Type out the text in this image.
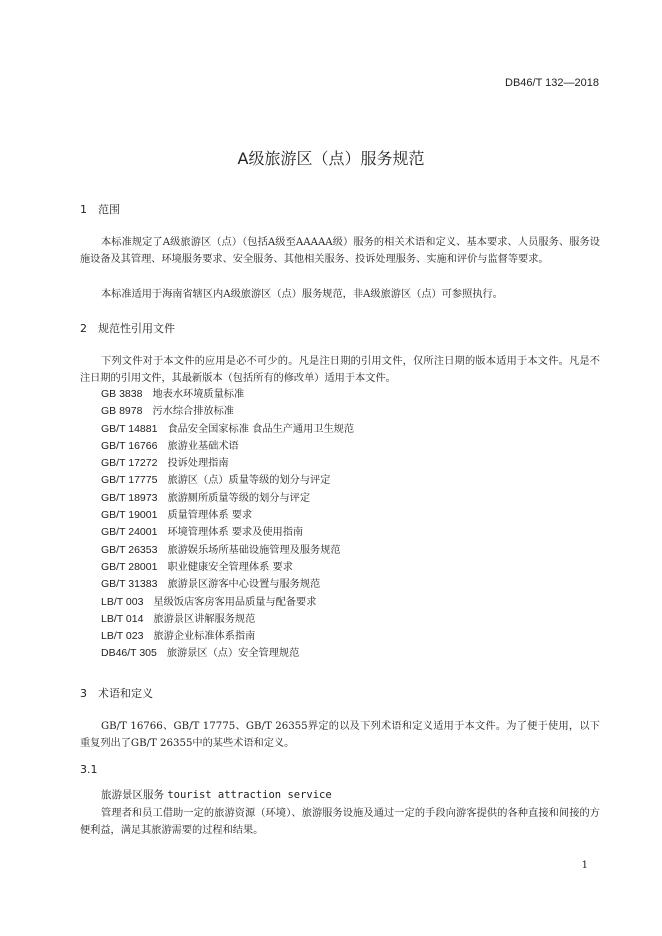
DB46/T 132—2018
A级旅游区（点）服务规范
1 范围
本标准规定了A级旅游区（点）（包括A级至AAAAA级）服务的相关术语和定义、基本要求、人员服务、服务设施设备及其管理、环境服务要求、安全服务、其他相关服务、投诉处理服务、实施和评价与监督等要求。
本标准适用于海南省辖区内A级旅游区（点）服务规范，非A级旅游区（点）可参照执行。
2 规范性引用文件
下列文件对于本文件的应用是必不可少的。凡是注日期的引用文件，仅所注日期的版本适用于本文件。凡是不注日期的引用文件，其最新版本（包括所有的修改单）适用于本文件。
GB 3838 地表水环境质量标准
GB 8978 污水综合排放标准
GB/T 14881 食品安全国家标准 食品生产通用卫生规范
GB/T 16766 旅游业基础术语
GB/T 17272 投诉处理指南
GB/T 17775 旅游区（点）质量等级的划分与评定
GB/T 18973 旅游厕所质量等级的划分与评定
GB/T 19001 质量管理体系 要求
GB/T 24001 环境管理体系 要求及使用指南
GB/T 26353 旅游娱乐场所基础设施管理及服务规范
GB/T 28001 职业健康安全管理体系 要求
GB/T 31383 旅游景区游客中心设置与服务规范
LB/T 003 星级饭店客房客用品质量与配备要求
LB/T 014 旅游景区讲解服务规范
LB/T 023 旅游企业标准体系指南
DB46/T 305 旅游景区（点）安全管理规范
3 术语和定义
GB/T 16766、GB/T 17775、GB/T 26355界定的以及下列术语和定义适用于本文件。为了便于使用，以下重复列出了GB/T 26355中的某些术语和定义。
3.1
旅游景区服务 tourist attraction service
管理者和员工借助一定的旅游资源（环境）、旅游服务设施及通过一定的手段向游客提供的各种直接和间接的方便利益，满足其旅游需要的过程和结果。
1
